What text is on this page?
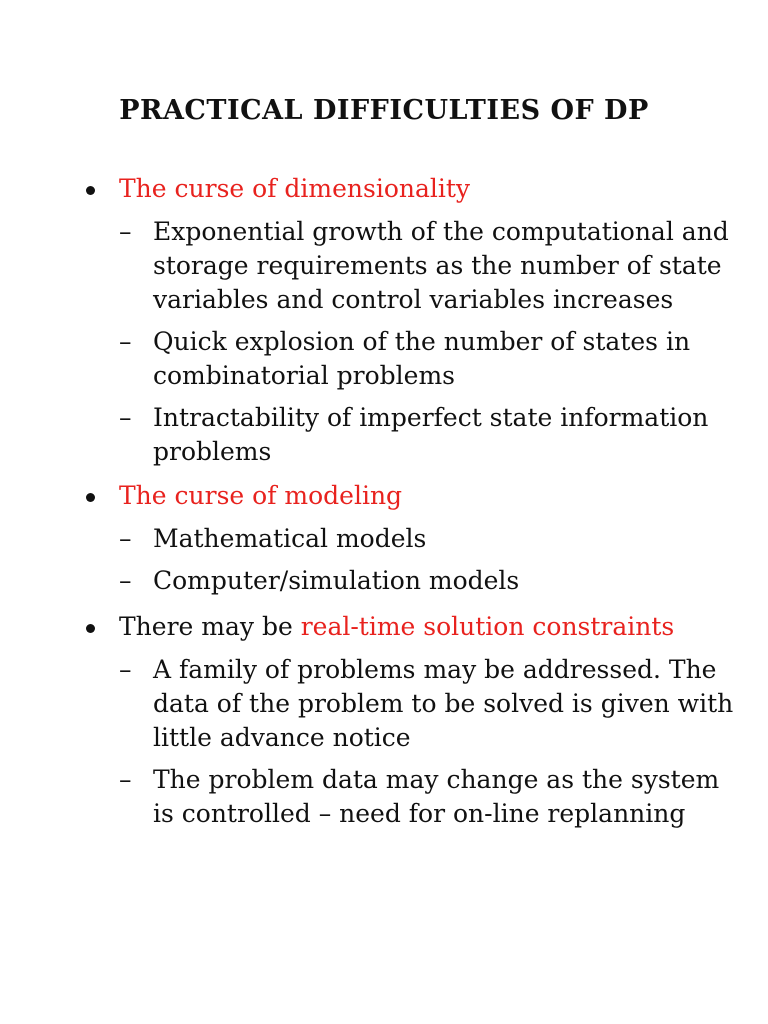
PRACTICAL DIFFICULTIES OF DP
The curse of dimensionality
– Exponential growth of the computational and
storage requirements as the number of state
variables and control variables increases
– Quick explosion of the number of states in
combinatorial problems
– Intractability of imperfect state information
problems
The curse of modeling
– Mathematical models
– Computer/simulation models
There may be real-time solution constraints
– A family of problems may be addressed. The
data of the problem to be solved is given with
little advance notice
– The problem data may change as the system
is controlled – need for on-line replanning
